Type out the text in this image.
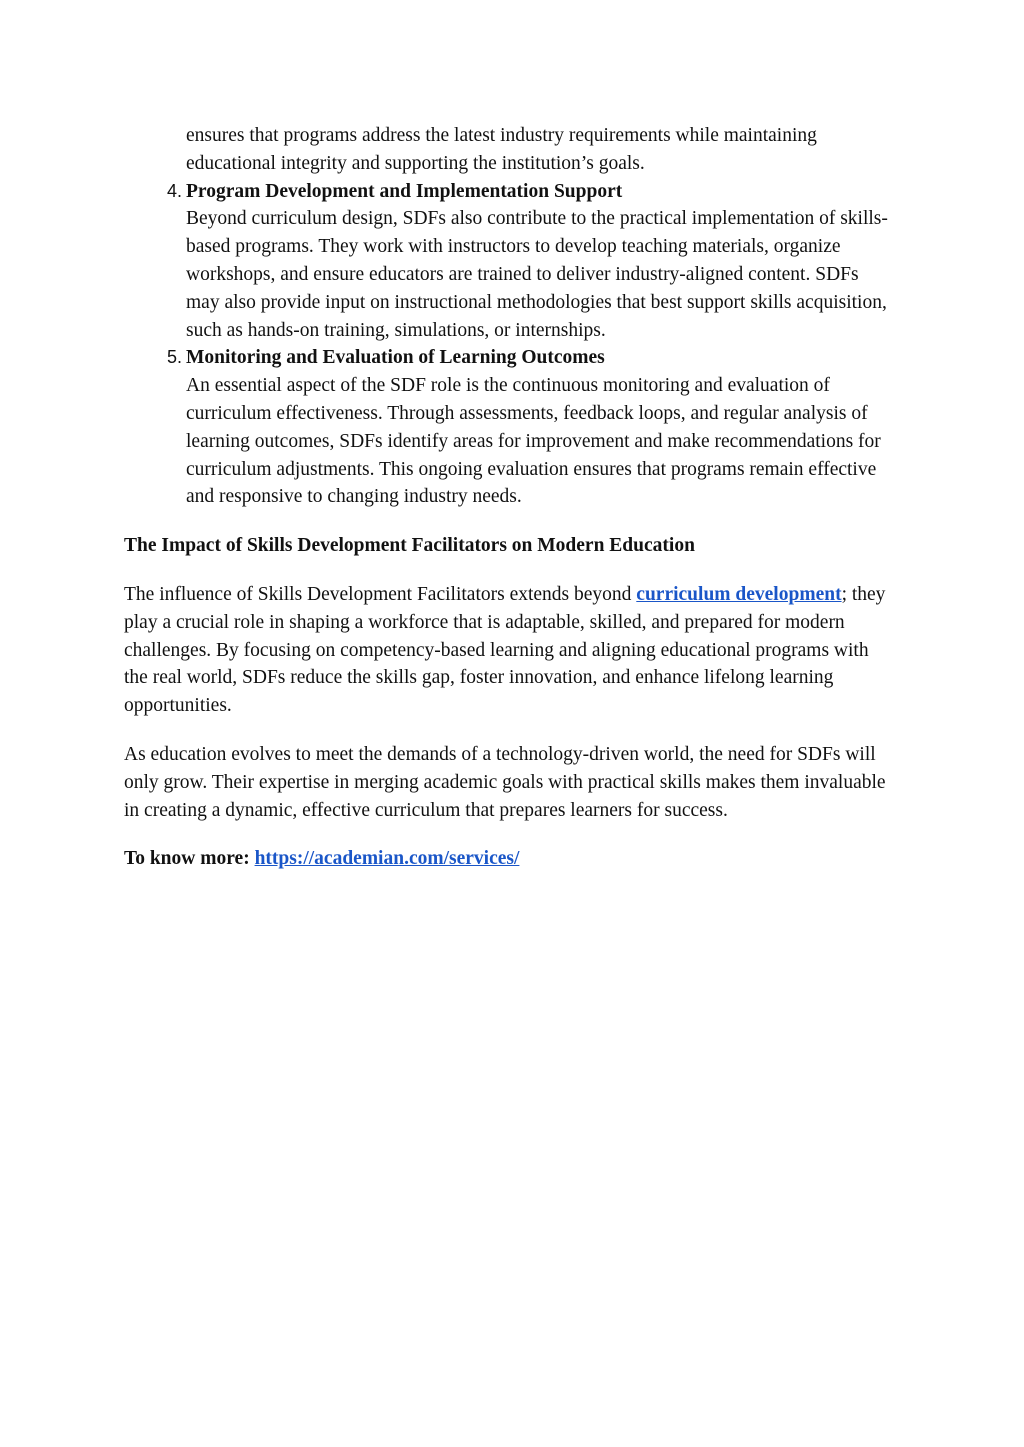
ensures that programs address the latest industry requirements while maintaining educational integrity and supporting the institution’s goals.
4. Program Development and Implementation Support
Beyond curriculum design, SDFs also contribute to the practical implementation of skills-based programs. They work with instructors to develop teaching materials, organize workshops, and ensure educators are trained to deliver industry-aligned content. SDFs may also provide input on instructional methodologies that best support skills acquisition, such as hands-on training, simulations, or internships.
5. Monitoring and Evaluation of Learning Outcomes
An essential aspect of the SDF role is the continuous monitoring and evaluation of curriculum effectiveness. Through assessments, feedback loops, and regular analysis of learning outcomes, SDFs identify areas for improvement and make recommendations for curriculum adjustments. This ongoing evaluation ensures that programs remain effective and responsive to changing industry needs.
The Impact of Skills Development Facilitators on Modern Education
The influence of Skills Development Facilitators extends beyond curriculum development; they play a crucial role in shaping a workforce that is adaptable, skilled, and prepared for modern challenges. By focusing on competency-based learning and aligning educational programs with the real world, SDFs reduce the skills gap, foster innovation, and enhance lifelong learning opportunities.
As education evolves to meet the demands of a technology-driven world, the need for SDFs will only grow. Their expertise in merging academic goals with practical skills makes them invaluable in creating a dynamic, effective curriculum that prepares learners for success.
To know more: https://academian.com/services/
